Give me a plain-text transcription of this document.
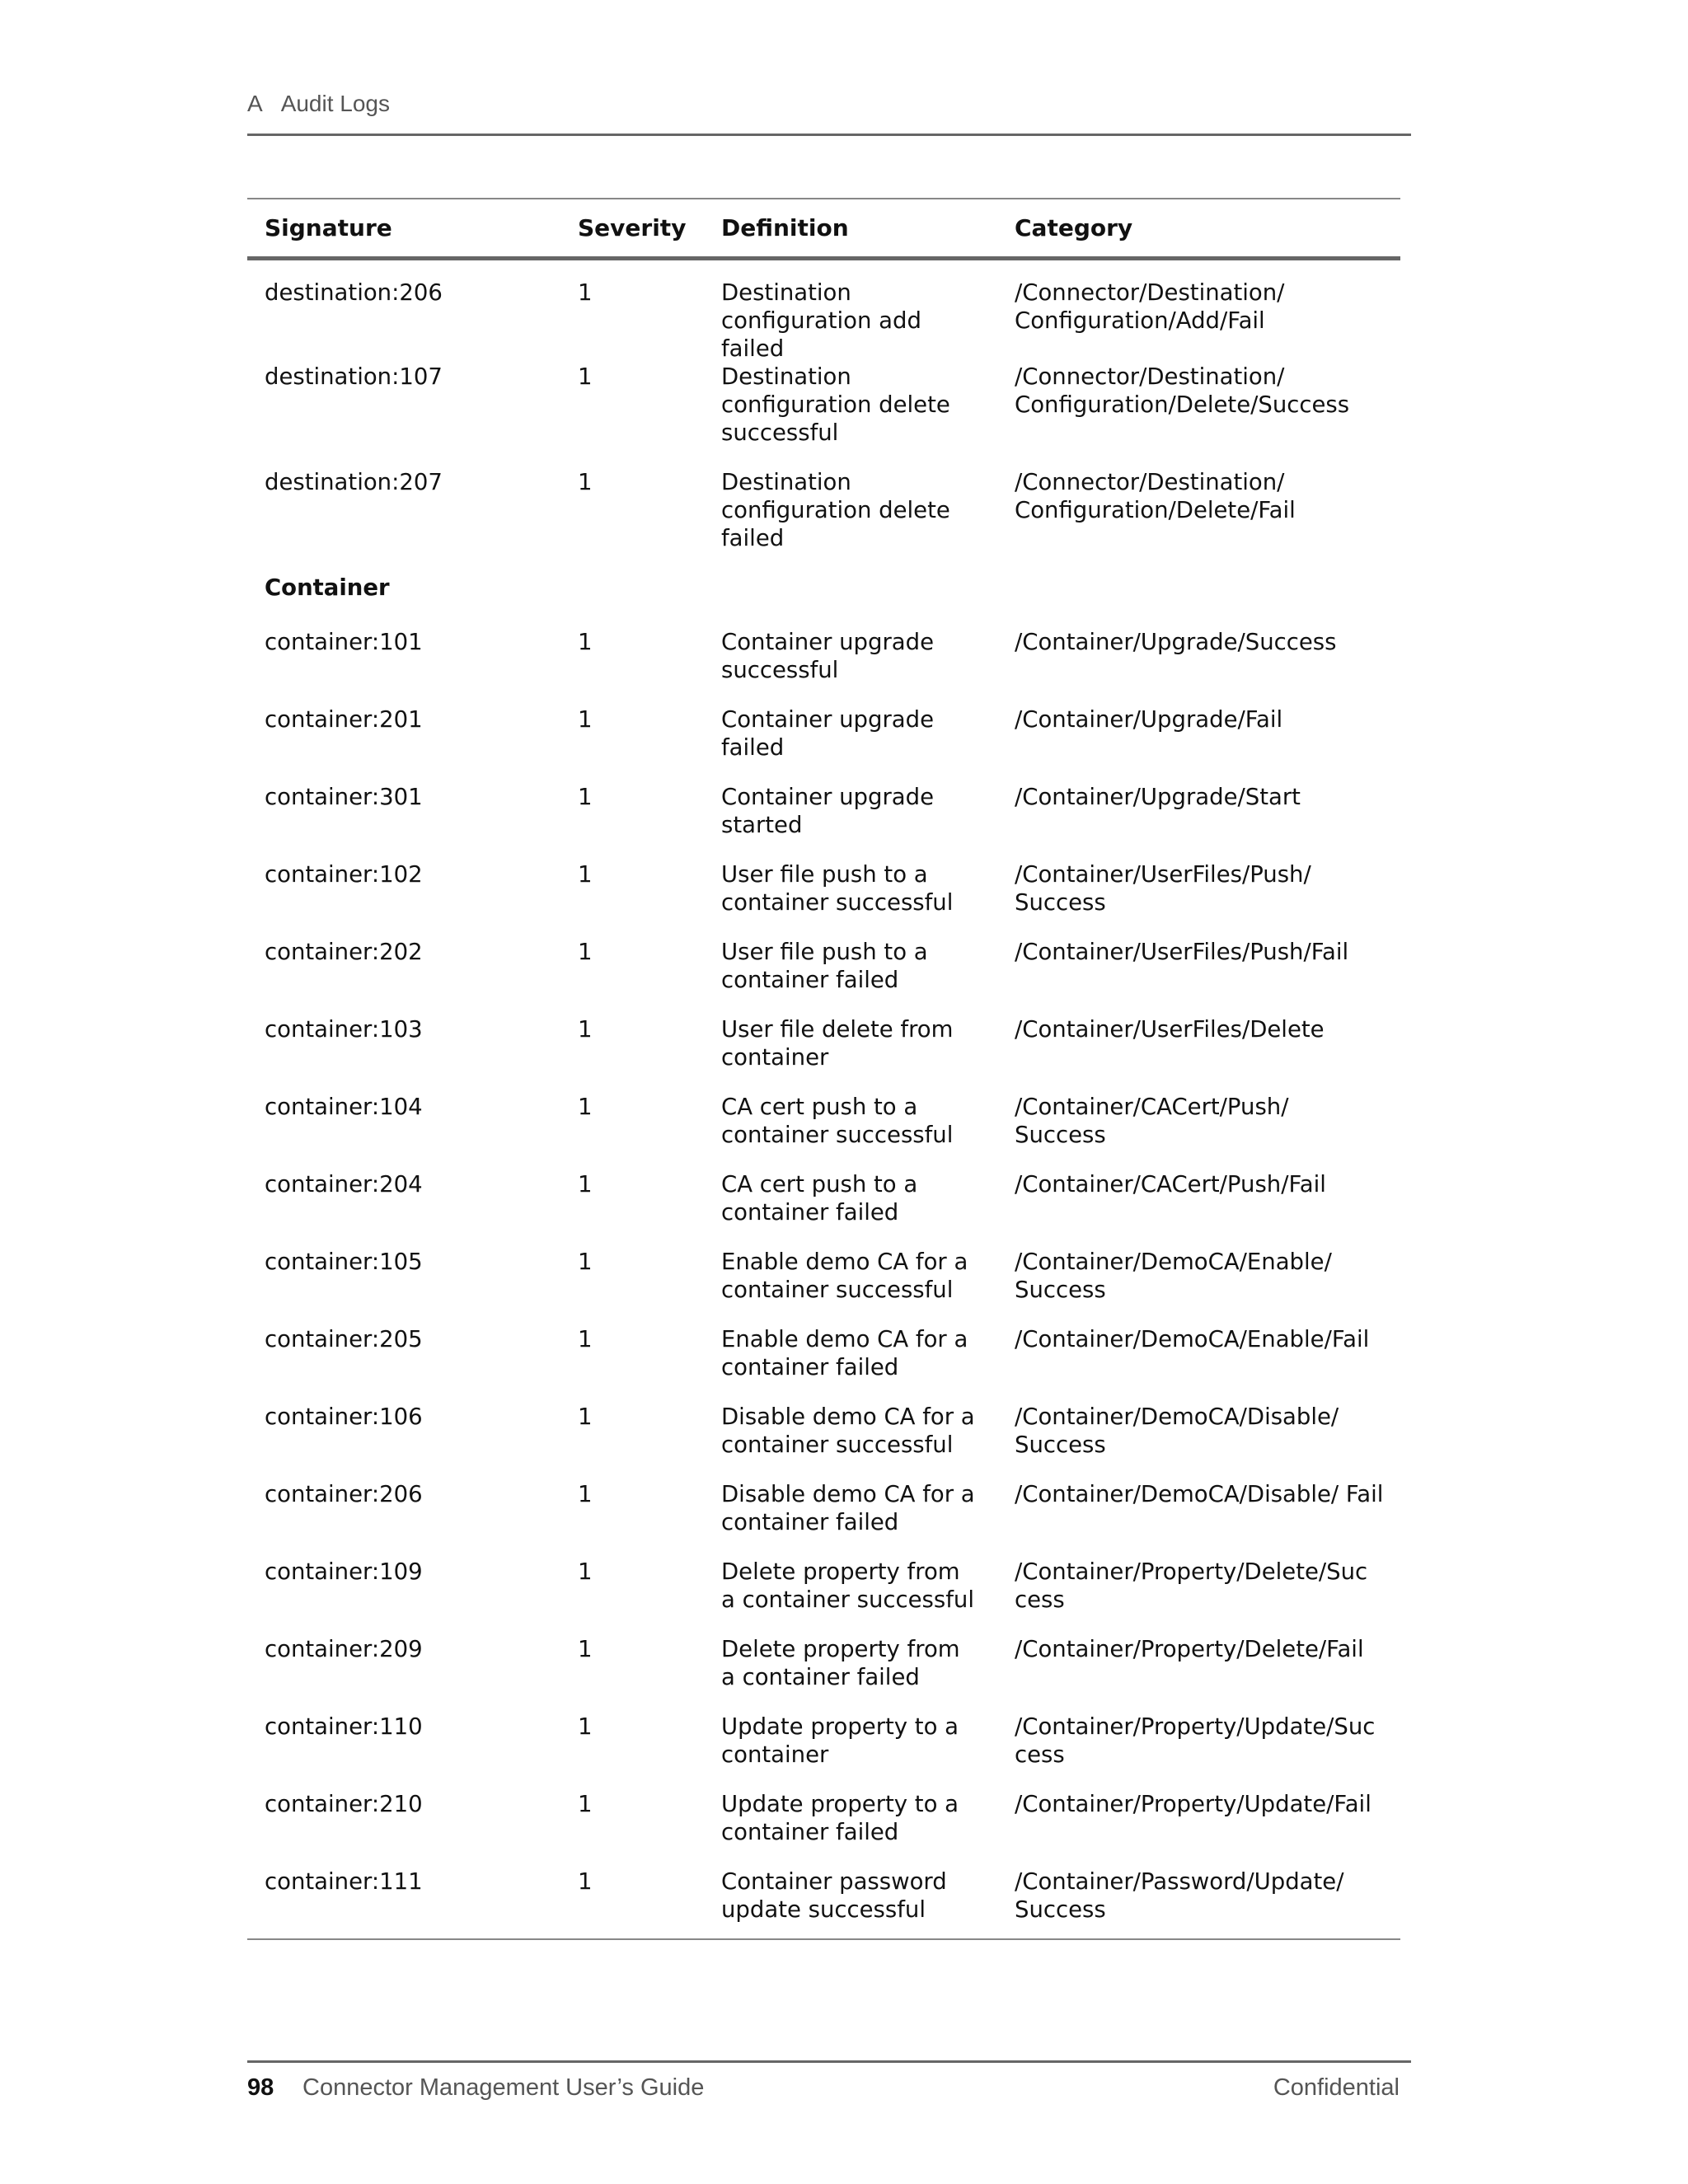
A Audit Logs
Signature	Severity	Definition	Category
destination:206	1	Destination configuration add failed	/Connector/Destination/ Configuration/Add/Fail
destination:107	1	Destination configuration delete successful	/Connector/Destination/ Configuration/Delete/Success
destination:207	1	Destination configuration delete failed	/Connector/Destination/ Configuration/Delete/Fail
Container			
container:101	1	Container upgrade successful	/Container/Upgrade/Success
container:201	1	Container upgrade failed	/Container/Upgrade/Fail
container:301	1	Container upgrade started	/Container/Upgrade/Start
container:102	1	User file push to a container successful	/Container/UserFiles/Push/ Success
container:202	1	User file push to a container failed	/Container/UserFiles/Push/Fail
container:103	1	User file delete from container	/Container/UserFiles/Delete
container:104	1	CA cert push to a container successful	/Container/CACert/Push/ Success
container:204	1	CA cert push to a container failed	/Container/CACert/Push/Fail
container:105	1	Enable demo CA for a container successful	/Container/DemoCA/Enable/ Success
container:205	1	Enable demo CA for a container failed	/Container/DemoCA/Enable/Fail
container:106	1	Disable demo CA for a container successful	/Container/DemoCA/Disable/ Success
container:206	1	Disable demo CA for a container failed	/Container/DemoCA/Disable/ Fail
container:109	1	Delete property from a container successful	/Container/Property/Delete/Suc cess
container:209	1	Delete property from a container failed	/Container/Property/Delete/Fail
container:110	1	Update property to a container	/Container/Property/Update/Suc cess
container:210	1	Update property to a container failed	/Container/Property/Update/Fail
container:111	1	Container password update successful	/Container/Password/Update/ Success
98 Connector Management User’s Guide	Confidential
